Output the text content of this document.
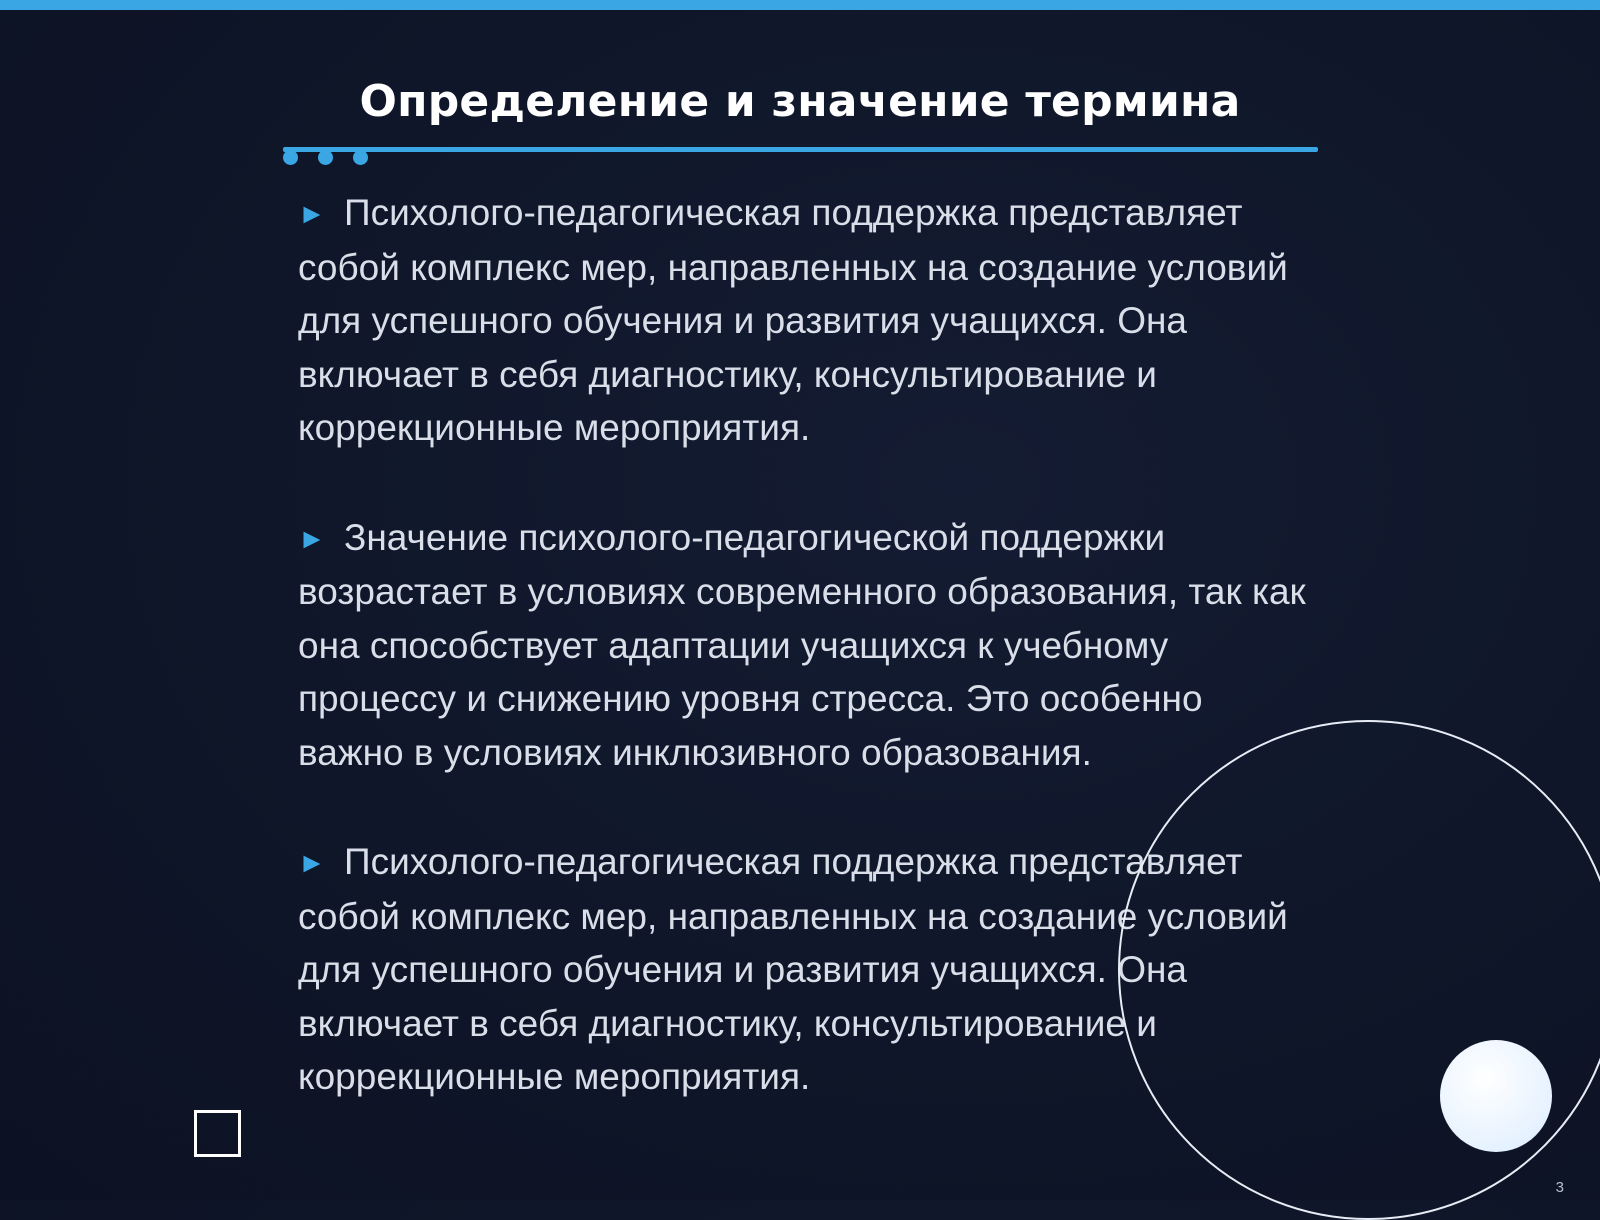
Определение и значение термина

► Психолого-педагогическая поддержка представляет собой комплекс мер, направленных на создание условий для успешного обучения и развития учащихся. Она включает в себя диагностику, консультирование и коррекционные мероприятия.

► Значение психолого-педагогической поддержки возрастает в условиях современного образования, так как она способствует адаптации учащихся к учебному процессу и снижению уровня стресса. Это особенно важно в условиях инклюзивного образования.

► Психолого-педагогическая поддержка представляет собой комплекс мер, направленных на создание условий для успешного обучения и развития учащихся. Она включает в себя диагностику, консультирование и коррекционные мероприятия.

3
